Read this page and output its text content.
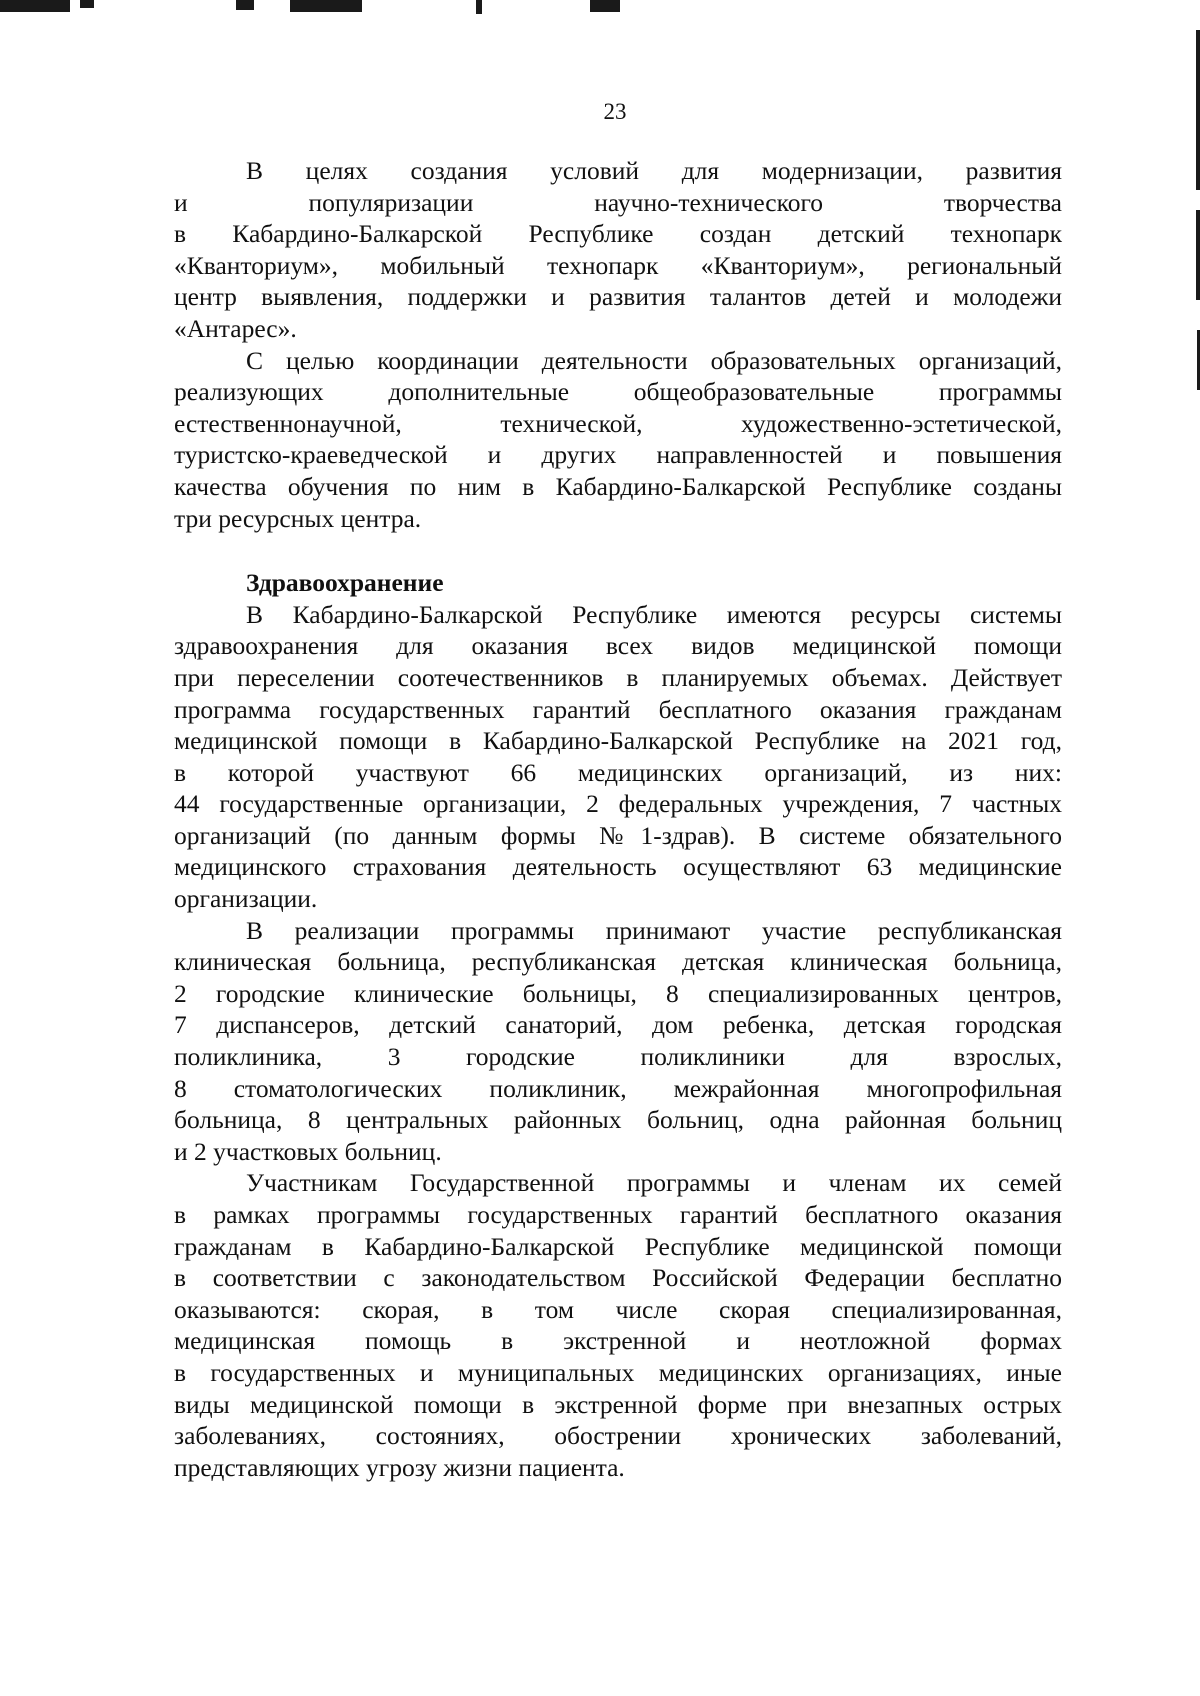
23
В целях создания условий для модернизации, развития
и популяризации научно-технического творчества
в Кабардино-Балкарской Республике создан детский технопарк
«Кванториум», мобильный технопарк «Кванториум», региональный
центр выявления, поддержки и развития талантов детей и молодежи
«Антарес».
С целью координации деятельности образовательных организаций,
реализующих дополнительные общеобразовательные программы
естественнонаучной, технической, художественно-эстетической,
туристско-краеведческой и других направленностей и повышения
качества обучения по ним в Кабардино-Балкарской Республике созданы
три ресурсных центра.
Здравоохранение
В Кабардино-Балкарской Республике имеются ресурсы системы
здравоохранения для оказания всех видов медицинской помощи
при переселении соотечественников в планируемых объемах. Действует
программа государственных гарантий бесплатного оказания гражданам
медицинской помощи в Кабардино-Балкарской Республике на 2021 год,
в которой участвуют 66 медицинских организаций, из них:
44 государственные организации, 2 федеральных учреждения, 7 частных
организаций (по данным формы №1-здрав). В системе обязательного
медицинского страхования деятельность осуществляют 63 медицинские
организации.
В реализации программы принимают участие республиканская
клиническая больница, республиканская детская клиническая больница,
2 городские клинические больницы, 8 специализированных центров,
7 диспансеров, детский санаторий, дом ребенка, детская городская
поликлиника, 3 городские поликлиники для взрослых,
8 стоматологических поликлиник, межрайонная многопрофильная
больница, 8 центральных районных больниц, одна районная больниц
и 2 участковых больниц.
Участникам Государственной программы и членам их семей
в рамках программы государственных гарантий бесплатного оказания
гражданам в Кабардино-Балкарской Республике медицинской помощи
в соответствии с законодательством Российской Федерации бесплатно
оказываются: скорая, в том числе скорая специализированная,
медицинская помощь в экстренной и неотложной формах
в государственных и муниципальных медицинских организациях, иные
виды медицинской помощи в экстренной форме при внезапных острых
заболеваниях, состояниях, обострении хронических заболеваний,
представляющих угрозу жизни пациента.
